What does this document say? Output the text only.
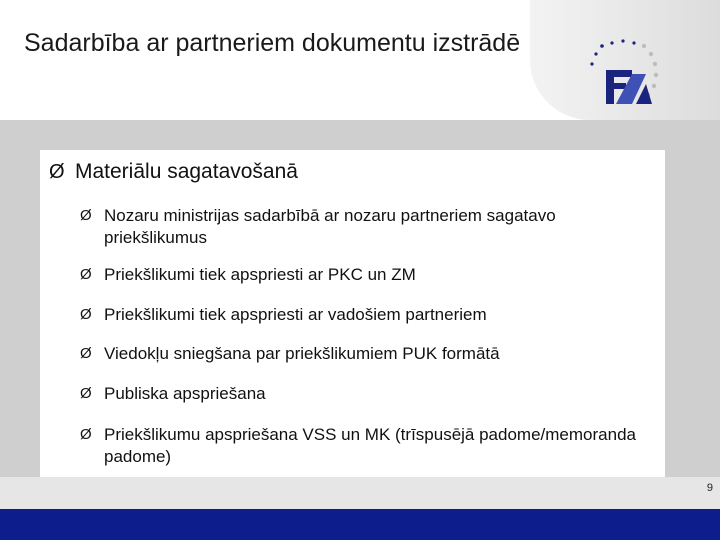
Sadarbība ar partneriem dokumentu izstrādē
Ø Materiālu sagatavošanā
Ø Nozaru ministrijas sadarbībā ar nozaru partneriem sagatavo priekšlikumus
Ø Priekšlikumi tiek apspriesti ar PKC un ZM
Ø Priekšlikumi tiek apspriesti ar vadošiem partneriem
Ø Viedokļu sniegšana par priekšlikumiem PUK formātā
Ø Publiska apspriešana
Ø Priekšlikumu apspriešana VSS un MK (trīspusējā padome/memoranda padome)
9
